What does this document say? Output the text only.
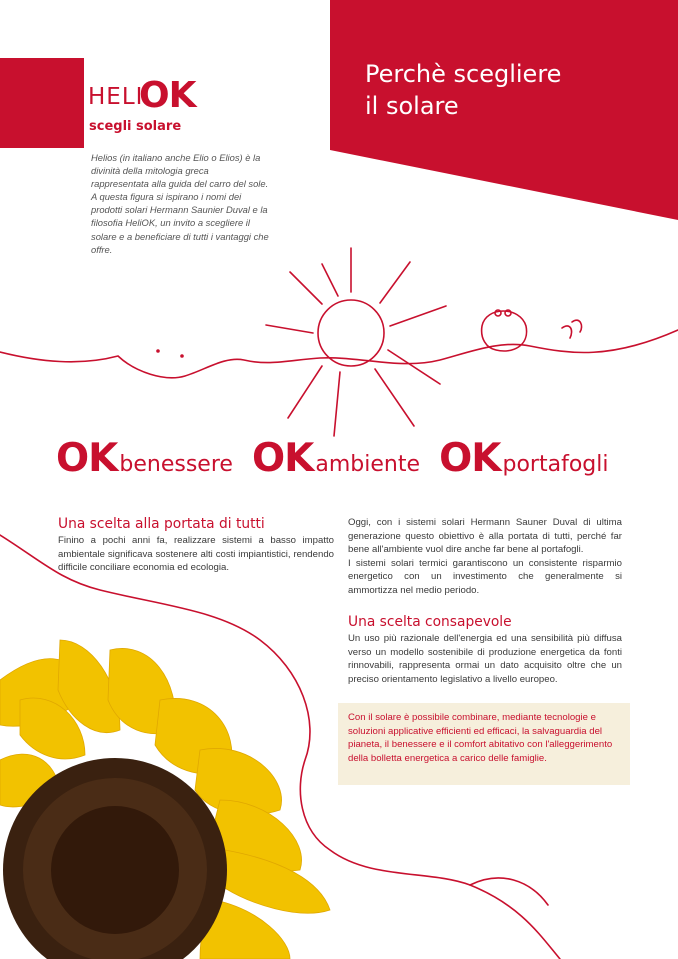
HELI
OK
scegli solare
Perchè scegliere
il solare
Helios (in italiano anche Elio o Elios) è la divinità della mitologia greca rappresentata alla guida del carro del sole. A questa figura si ispirano i nomi dei prodotti solari Hermann Saunier Duval e la filosofia HeliOK, un invito a scegliere il solare e a beneficiare di tutti i vantaggi che offre.
OKbenessere OKambiente OKportafogli
Una scelta alla portata di tutti
Finino a pochi anni fa, realizzare sistemi a basso impatto ambientale significava sostenere alti costi impiantistici, rendendo difficile conciliare economia ed ecologia.
Oggi, con i sistemi solari Hermann Sauner Duval di ultima generazione questo obiettivo è alla portata di tutti, perché far bene all'ambiente vuol dire anche far bene al portafogli.
I sistemi solari termici garantiscono un consistente risparmio energetico con un investimento che generalmente si ammortizza nel medio periodo.
Una scelta consapevole
Un uso più razionale dell'energia ed una sensibilità più diffusa verso un modello sostenibile di produzione energetica da fonti rinnovabili, rappresenta ormai un dato acquisito oltre che un preciso orientamento legislativo a livello europeo.
Con il solare è possibile combinare, mediante tecnologie e soluzioni applicative efficienti ed efficaci, la salvaguardia del pianeta, il benessere e il comfort abitativo con l'alleggerimento della bolletta energetica a carico delle famiglie.
